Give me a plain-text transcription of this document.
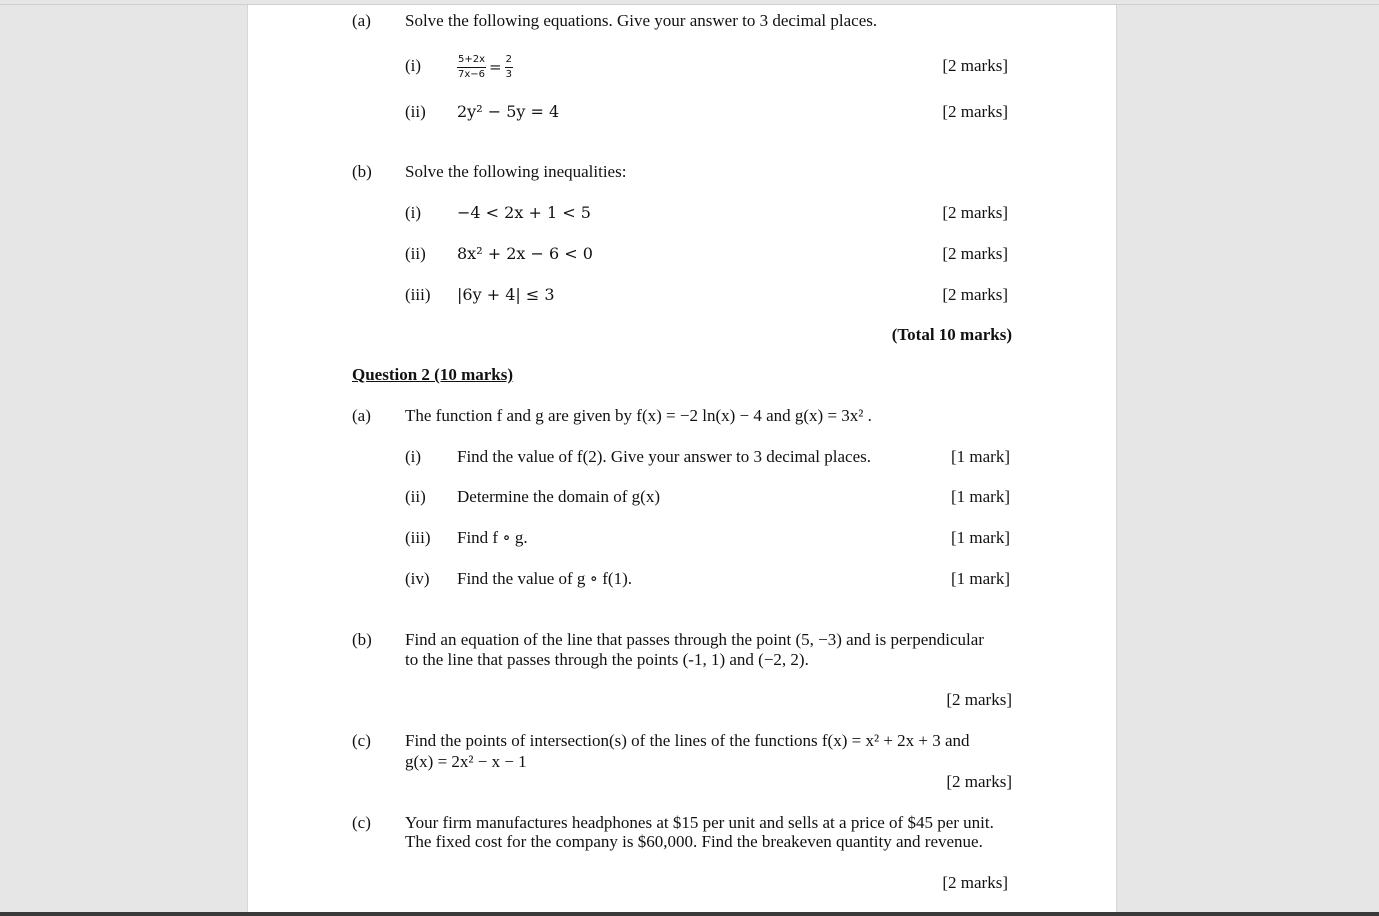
(a) Solve the following equations. Give your answer to 3 decimal places.
(i)	$\frac{5+2x}{7x-6} = \frac{2}{3}$	[2 marks]
(ii) 2y² − 5y = 4	[2 marks]
(b) Solve the following inequalities:
(i) −4 < 2x + 1 < 5	[2 marks]
(ii) 8x² + 2x − 6 < 0	[2 marks]
(iii) |6y + 4| ≤ 3	[2 marks]
(Total 10 marks)
Question 2 (10 marks)
(a) The function f and g are given by f(x) = −2 ln(x) − 4 and g(x) = 3x² .
(i) Find the value of f(2). Give your answer to 3 decimal places.	[1 mark]
(ii) Determine the domain of g(x)	[1 mark]
(iii) Find f ∘ g.	[1 mark]
(iv) Find the value of g ∘ f(1).	[1 mark]
(b) Find an equation of the line that passes through the point (5, −3) and is perpendicular
to the line that passes through the points (-1, 1) and (−2, 2).
[2 marks]
(c) Find the points of intersection(s) of the lines of the functions f(x) = x² + 2x + 3 and
g(x) = 2x² − x − 1
[2 marks]
(c) Your firm manufactures headphones at $15 per unit and sells at a price of $45 per unit.
The fixed cost for the company is $60,000. Find the breakeven quantity and revenue.
[2 marks]
